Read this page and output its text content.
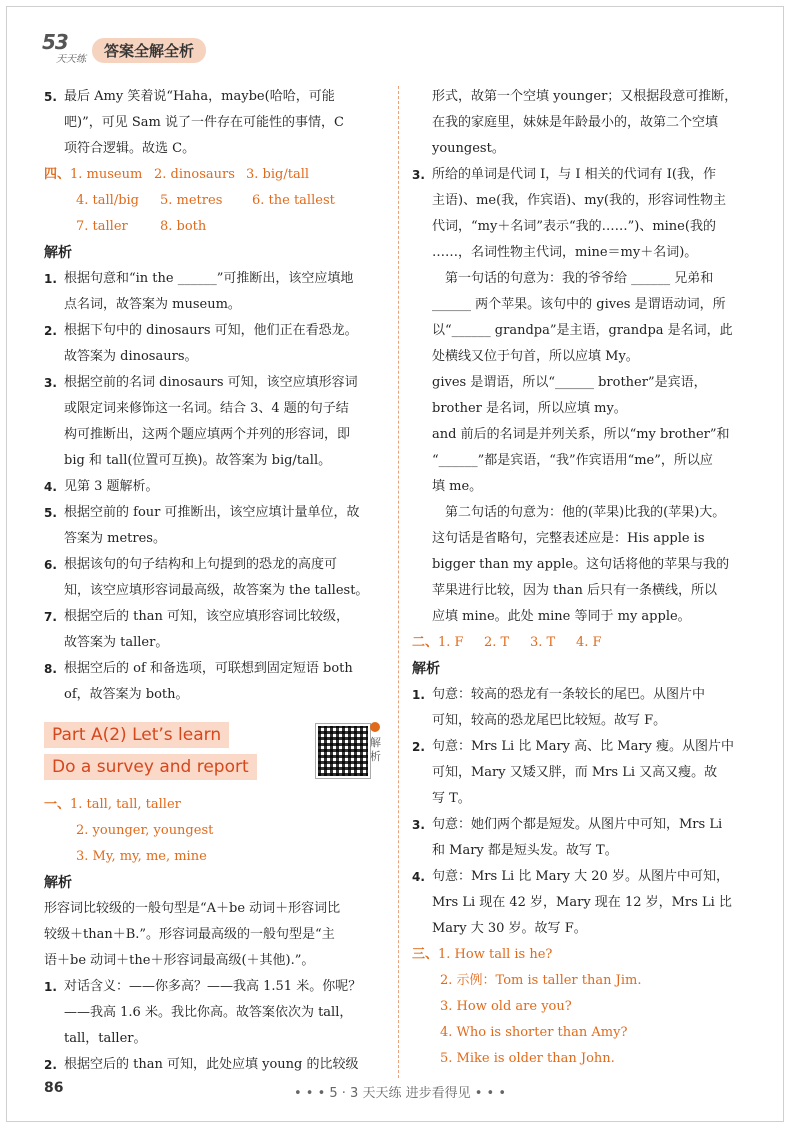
53
天天练	答案全解全析
5. 最后 Amy 笑着说“Haha，maybe(哈哈，可能
吧)”，可见 Sam 说了一件存在可能性的事情，C
项符合逻辑。故选 C。
四、1. museum 2. dinosaurs 3. big/tall
4. tall/big 5. metres 6. the tallest
7. taller 8. both
解析
1. 根据句意和“in the ______”可推断出，该空应填地
点名词，故答案为 museum。
2. 根据下句中的 dinosaurs 可知，他们正在看恐龙。
故答案为 dinosaurs。
3. 根据空前的名词 dinosaurs 可知，该空应填形容词
或限定词来修饰这一名词。结合 3、4 题的句子结
构可推断出，这两个题应填两个并列的形容词，即
big 和 tall(位置可互换)。故答案为 big/tall。
4. 见第 3 题解析。
5. 根据空前的 four 可推断出，该空应填计量单位，故
答案为 metres。
6. 根据该句的句子结构和上句提到的恐龙的高度可
知，该空应填形容词最高级，故答案为 the tallest。
7. 根据空后的 than 可知，该空应填形容词比较级，
故答案为 taller。
8. 根据空后的 of 和备选项，可联想到固定短语 both
of，故答案为 both。
Part A(2) Let’s learn
Do a survey and report
解析
一、1. tall, tall, taller
2. younger, youngest
3. My, my, me, mine
解析
形容词比较级的一般句型是“A＋be 动词＋形容词比
较级＋than＋B.”。形容词最高级的一般句型是“主
语＋be 动词＋the＋形容词最高级(＋其他).”。
1. 对话含义：——你多高？——我高 1.51 米。你呢？
——我高 1.6 米。我比你高。故答案依次为 tall，
tall，taller。
2. 根据空后的 than 可知，此处应填 young 的比较级
形式，故第一个空填 younger；又根据段意可推断，
在我的家庭里，妹妹是年龄最小的，故第二个空填
youngest。
3. 所给的单词是代词 I，与 I 相关的代词有 I(我，作
主语)、me(我，作宾语)、my(我的，形容词性物主
代词，“my＋名词”表示“我的……”)、mine(我的
……，名词性物主代词，mine＝my＋名词)。
第一句话的句意为：我的爷爷给 ______ 兄弟和
______ 两个苹果。该句中的 gives 是谓语动词，所
以“______ grandpa”是主语，grandpa 是名词，此
处横线又位于句首，所以应填 My。
gives 是谓语，所以“______ brother”是宾语，
brother 是名词，所以应填 my。
and 前后的名词是并列关系，所以“my brother”和
“______”都是宾语，“我”作宾语用“me”，所以应
填 me。
第二句话的句意为：他的(苹果)比我的(苹果)大。
这句话是省略句，完整表述应是：His apple is
bigger than my apple。这句话将他的苹果与我的
苹果进行比较，因为 than 后只有一条横线，所以
应填 mine。此处 mine 等同于 my apple。
二、1. F 2. T 3. T 4. F
解析
1. 句意：较高的恐龙有一条较长的尾巴。从图片中
可知，较高的恐龙尾巴比较短。故写 F。
2. 句意：Mrs Li 比 Mary 高、比 Mary 瘦。从图片中
可知，Mary 又矮又胖，而 Mrs Li 又高又瘦。故
写 T。
3. 句意：她们两个都是短发。从图片中可知，Mrs Li
和 Mary 都是短头发。故写 T。
4. 句意：Mrs Li 比 Mary 大 20 岁。从图片中可知，
Mrs Li 现在 42 岁，Mary 现在 12 岁，Mrs Li 比
Mary 大 30 岁。故写 F。
三、1. How tall is he?
2. 示例：Tom is taller than Jim.
3. How old are you?
4. Who is shorter than Amy?
5. Mike is older than John.
86	• • • 5 · 3 天天练 进步看得见 • • •
